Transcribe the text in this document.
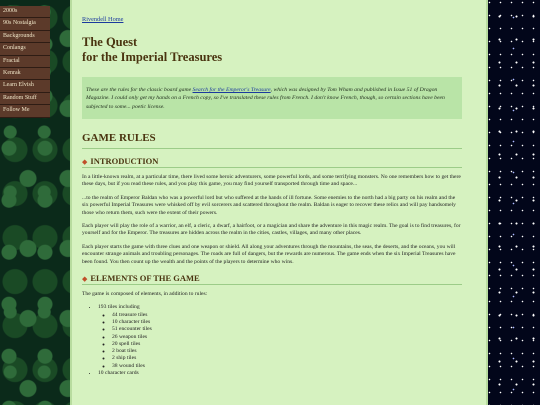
2000s
90s Nostalgia
Backgrounds
Conlangs
Fractal
Kenrak
Learn Elvish
Random Stuff
Follow Me
Rivendell Home
The Quest
for the Imperial Treasures
These are the rules for the classic board game Search for the Emperor's Treasure, which was designed by Tom Wham and published in Issue 51 of Dragon Magazine. I could only get my hands on a French copy, so I've translated these rules from French. I don't know French, though, so certain sections have been subjected to some... poetic license.
GAME RULES
◆ INTRODUCTION

In a little-known realm, at a particular time, there lived some heroic adventurers, some powerful lords, and some terrifying monsters. No one remembers how to get there these days, but if you read these rules, and you play this game, you may find yourself transported through time and space...

...to the realm of Emperor Baldan who was a powerful lord but who suffered at the hands of ill fortune. Some enemies to the north had a big party on his realm and the six powerful Imperial Treasures were whisked off by evil sorcerers and scattered throughout the realm. Baldan is eager to recover these relics and will pay handsomely those who return them, such were the extent of their powers.

Each player will play the role of a warrior, an elf, a cleric, a dwarf, a hairfoot, or a magician and share the adventure in this magic realm. The goal is to find treasures, for yourself and for the Emperor. The treasures are hidden across the realm in the cities, castles, villages, and many other places.

Each player starts the game with three clues and one weapon or shield. All along your adventures through the mountains, the seas, the deserts, and the oceans, you will encounter strange animals and troubling personages. The roads are full of dangers, but the rewards are numerous. The game ends when the six Imperial Treasures have been found. You then count up the wealth and the points of the players to determine who wins.

◆ ELEMENTS OF THE GAME

The game is composed of elements, in addition to rules:

• 193 tiles including
◦ 44 treasure tiles
◦ 10 character tiles
◦ 51 encounter tiles
◦ 26 weapon tiles
◦ 20 spell tiles
◦ 2 boat tiles
◦ 2 ship tiles
◦ 38 wound tiles
• 10 character cards
